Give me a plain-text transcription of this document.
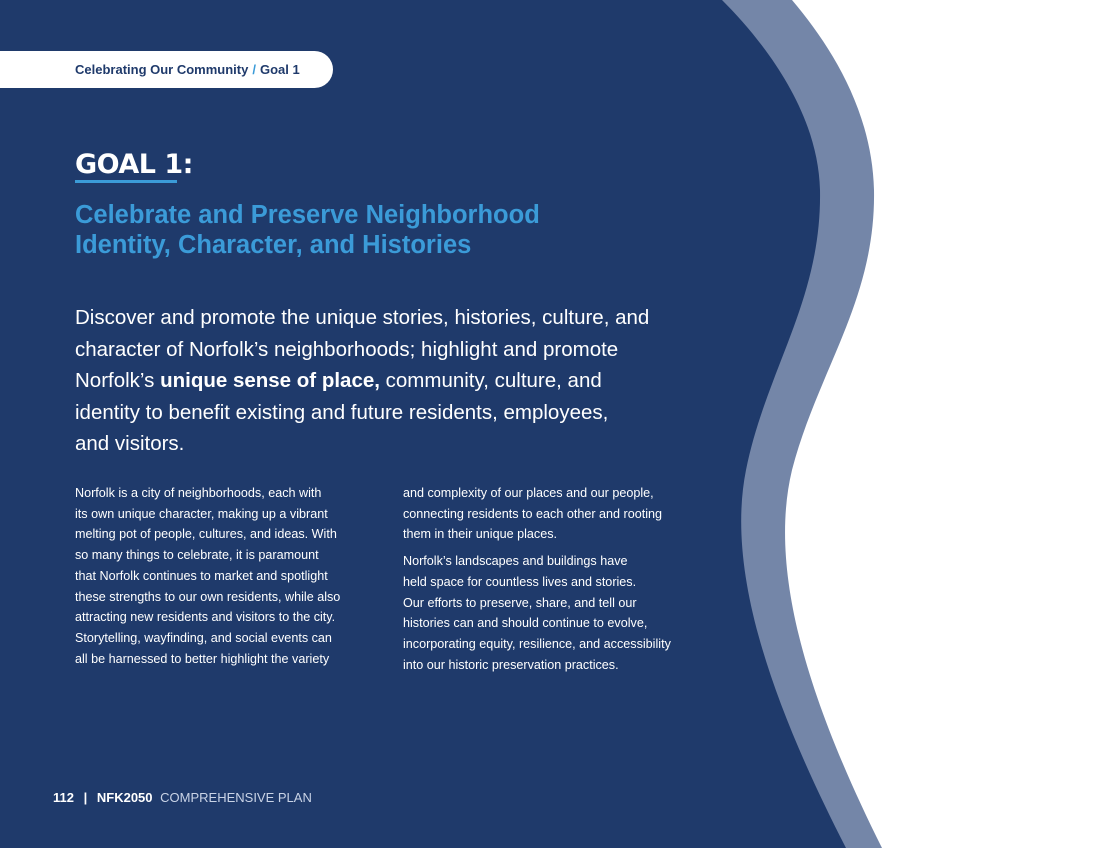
Celebrating Our Community / Goal 1
GOAL 1:
Celebrate and Preserve Neighborhood
Identity, Character, and Histories

Discover and promote the unique stories, histories, culture, and
character of Norfolk’s neighborhoods; highlight and promote
Norfolk’s unique sense of place, community, culture, and
identity to benefit existing and future residents, employees,
and visitors.

Norfolk is a city of neighborhoods, each with
its own unique character, making up a vibrant
melting pot of people, cultures, and ideas. With
so many things to celebrate, it is paramount
that Norfolk continues to market and spotlight
these strengths to our own residents, while also
attracting new residents and visitors to the city.
Storytelling, wayfinding, and social events can
all be harnessed to better highlight the variety
and complexity of our places and our people,
connecting residents to each other and rooting
them in their unique places.
Norfolk’s landscapes and buildings have
held space for countless lives and stories.
Our efforts to preserve, share, and tell our
histories can and should continue to evolve,
incorporating equity, resilience, and accessibility
into our historic preservation practices.
112 | NFK2050 COMPREHENSIVE PLAN
